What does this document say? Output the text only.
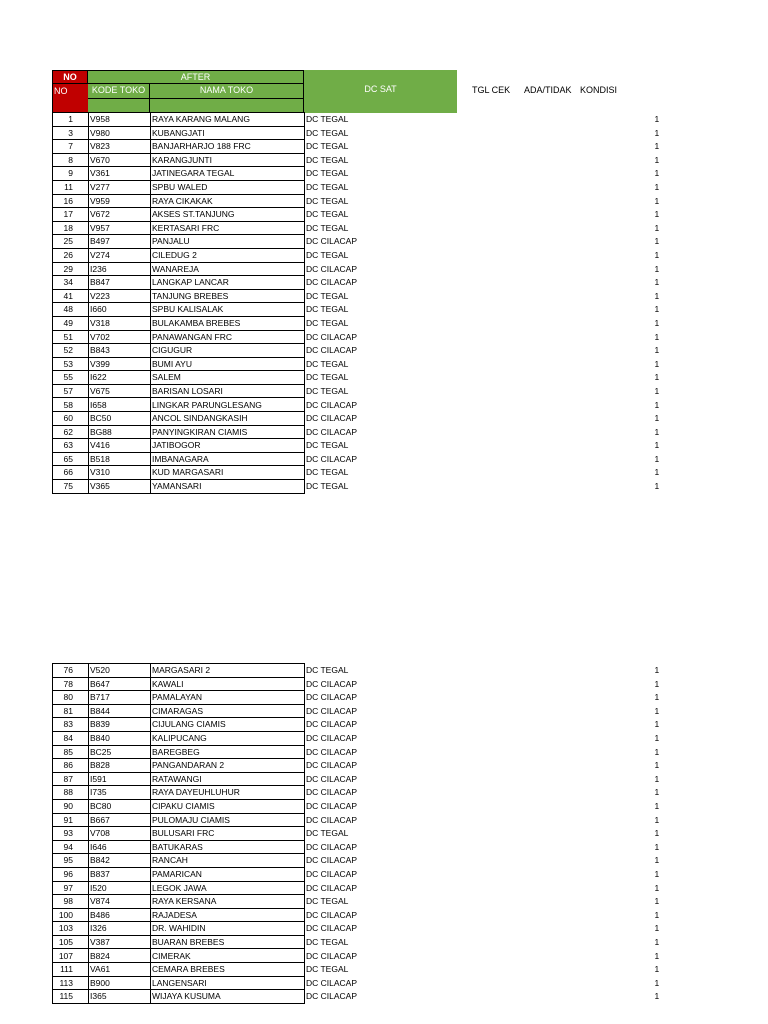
NO
NO
AFTER
KODE TOKO	NAMA TOKO	DC SAT	TGL CEK ADA/TIDAK KONDISI
1	V958	RAYA KARANG MALANG	DC TEGAL		1
3	V980	KUBANGJATI	DC TEGAL		1
7	V823	BANJARHARJO 188 FRC	DC TEGAL		1
8	V670	KARANGJUNTI	DC TEGAL		1
9	V361	JATINEGARA TEGAL	DC TEGAL		1
11	V277	SPBU WALED	DC TEGAL		1
16	V959	RAYA CIKAKAK	DC TEGAL		1
17	V672	AKSES ST.TANJUNG	DC TEGAL		1
18	V957	KERTASARI FRC	DC TEGAL		1
25	B497	PANJALU	DC CILACAP		1
26	V274	CILEDUG 2	DC TEGAL		1
29	I236	WANAREJA	DC CILACAP		1
34	B847	LANGKAP LANCAR	DC CILACAP		1
41	V223	TANJUNG BREBES	DC TEGAL		1
48	I660	SPBU KALISALAK	DC TEGAL		1
49	V318	BULAKAMBA BREBES	DC TEGAL		1
51	V702	PANAWANGAN FRC	DC CILACAP		1
52	B843	CIGUGUR	DC CILACAP		1
53	V399	BUMI AYU	DC TEGAL		1
55	I622	SALEM	DC TEGAL		1
57	V675	BARISAN LOSARI	DC TEGAL		1
58	I658	LINGKAR PARUNGLESANG	DC CILACAP		1
60	BC50	ANCOL SINDANGKASIH	DC CILACAP		1
62	BG88	PANYINGKIRAN CIAMIS	DC CILACAP		1
63	V416	JATIBOGOR	DC TEGAL		1
65	B518	IMBANAGARA	DC CILACAP		1
66	V310	KUD MARGASARI	DC TEGAL		1
75	V365	YAMANSARI	DC TEGAL		1
76	V520	MARGASARI 2	DC TEGAL		1
78	B647	KAWALI	DC CILACAP		1
80	B717	PAMALAYAN	DC CILACAP		1
81	B844	CIMARAGAS	DC CILACAP		1
83	B839	CIJULANG CIAMIS	DC CILACAP		1
84	B840	KALIPUCANG	DC CILACAP		1
85	BC25	BAREGBEG	DC CILACAP		1
86	B828	PANGANDARAN 2	DC CILACAP		1
87	I591	RATAWANGI	DC CILACAP		1
88	I735	RAYA DAYEUHLUHUR	DC CILACAP		1
90	BC80	CIPAKU CIAMIS	DC CILACAP		1
91	B667	PULOMAJU CIAMIS	DC CILACAP		1
93	V708	BULUSARI FRC	DC TEGAL		1
94	I646	BATUKARAS	DC CILACAP		1
95	B842	RANCAH	DC CILACAP		1
96	B837	PAMARICAN	DC CILACAP		1
97	I520	LEGOK JAWA	DC CILACAP		1
98	V874	RAYA KERSANA	DC TEGAL		1
100	B486	RAJADESA	DC CILACAP		1
103	I326	DR. WAHIDIN	DC CILACAP		1
105	V387	BUARAN BREBES	DC TEGAL		1
107	B824	CIMERAK	DC CILACAP		1
111	VA61	CEMARA BREBES	DC TEGAL		1
113	B900	LANGENSARI	DC CILACAP		1
115	I365	WIJAYA KUSUMA	DC CILACAP		1
